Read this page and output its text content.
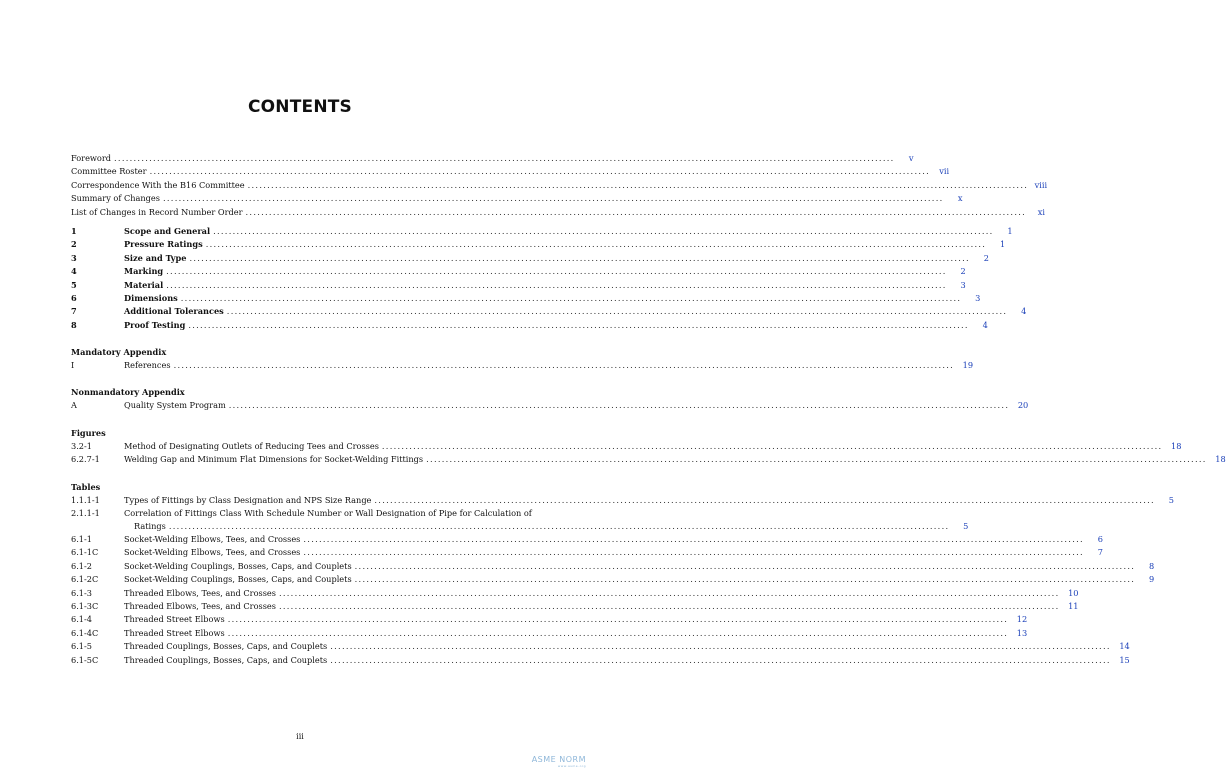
CONTENTS
Foreword ........................................................................................................................................................................................................	v
Committee Roster ........................................................................................................................................................................................................	vii
Correspondence With the B16 Committee ........................................................................................................................................................................................................ viii
Summary of Changes ........................................................................................................................................................................................................	x
List of Changes in Record Number Order ........................................................................................................................................................................................................	xi
1	Scope and General ........................................................................................................................................................................................................	1
2	Pressure Ratings ........................................................................................................................................................................................................	1
3	Size and Type ........................................................................................................................................................................................................	2
4	Marking ........................................................................................................................................................................................................	2
5	Material ........................................................................................................................................................................................................	3
6	Dimensions ........................................................................................................................................................................................................	3
7	Additional Tolerances ........................................................................................................................................................................................................	4
8	Proof Testing ........................................................................................................................................................................................................	4
Mandatory Appendix
I	References ........................................................................................................................................................................................................	19
Nonmandatory Appendix
A	Quality System Program ........................................................................................................................................................................................................	20
Figures
3.2-1	Method of Designating Outlets of Reducing Tees and Crosses ........................................................................................................................................................................................................	18
6.2.7-1	Welding Gap and Minimum Flat Dimensions for Socket-Welding Fittings ........................................................................................................................................................................................................	18
Tables
1.1.1-1	Types of Fittings by Class Designation and NPS Size Range ........................................................................................................................................................................................................	5
2.1.1-1	Correlation of Fittings Class With Schedule Number or Wall Designation of Pipe for Calculation of
Ratings ........................................................................................................................................................................................................	5
6.1-1	Socket-Welding Elbows, Tees, and Crosses ........................................................................................................................................................................................................	6
6.1-1C	Socket-Welding Elbows, Tees, and Crosses ........................................................................................................................................................................................................	7
6.1-2	Socket-Welding Couplings, Bosses, Caps, and Couplets ........................................................................................................................................................................................................	8
6.1-2C	Socket-Welding Couplings, Bosses, Caps, and Couplets ........................................................................................................................................................................................................	9
6.1-3	Threaded Elbows, Tees, and Crosses ........................................................................................................................................................................................................	10
6.1-3C	Threaded Elbows, Tees, and Crosses ........................................................................................................................................................................................................	11
6.1-4	Threaded Street Elbows ........................................................................................................................................................................................................	12
6.1-4C	Threaded Street Elbows ........................................................................................................................................................................................................	13
6.1-5	Threaded Couplings, Bosses, Caps, and Couplets ........................................................................................................................................................................................................	14
6.1-5C	Threaded Couplings, Bosses, Caps, and Couplets ........................................................................................................................................................................................................	15
iii
ASME NORM
www.asme.org
